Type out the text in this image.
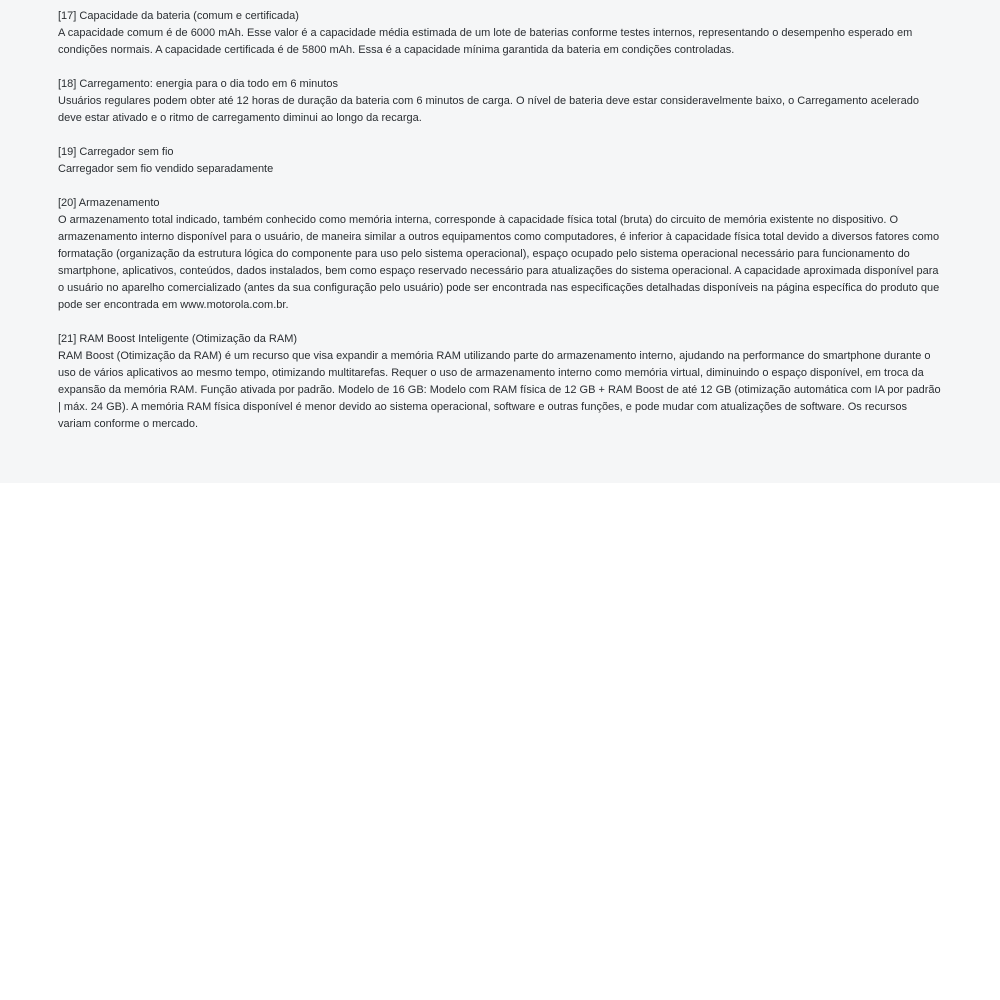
[17] Capacidade da bateria (comum e certificada)

A capacidade comum é de 6000 mAh. Esse valor é a capacidade média estimada de um lote de baterias conforme testes internos, representando o desempenho esperado em condições normais. A capacidade certificada é de 5800 mAh. Essa é a capacidade mínima garantida da bateria em condições controladas.

[18] Carregamento: energia para o dia todo em 6 minutos

Usuários regulares podem obter até 12 horas de duração da bateria com 6 minutos de carga. O nível de bateria deve estar consideravelmente baixo, o Carregamento acelerado deve estar ativado e o ritmo de carregamento diminui ao longo da recarga.

[19] Carregador sem fio

Carregador sem fio vendido separadamente

[20] Armazenamento

O armazenamento total indicado, também conhecido como memória interna, corresponde à capacidade física total (bruta) do circuito de memória existente no dispositivo. O armazenamento interno disponível para o usuário, de maneira similar a outros equipamentos como computadores, é inferior à capacidade física total devido a diversos fatores como formatação (organização da estrutura lógica do componente para uso pelo sistema operacional), espaço ocupado pelo sistema operacional necessário para funcionamento do smartphone, aplicativos, conteúdos, dados instalados, bem como espaço reservado necessário para atualizações do sistema operacional. A capacidade aproximada disponível para o usuário no aparelho comercializado (antes da sua configuração pelo usuário) pode ser encontrada nas especificações detalhadas disponíveis na página específica do produto que pode ser encontrada em www.motorola.com.br.

[21] RAM Boost Inteligente (Otimização da RAM)

RAM Boost (Otimização da RAM) é um recurso que visa expandir a memória RAM utilizando parte do armazenamento interno, ajudando na performance do smartphone durante o uso de vários aplicativos ao mesmo tempo, otimizando multitarefas. Requer o uso de armazenamento interno como memória virtual, diminuindo o espaço disponível, em troca da expansão da memória RAM. Função ativada por padrão. Modelo de 16 GB: Modelo com RAM física de 12 GB + RAM Boost de até 12 GB (otimização automática com IA por padrão | máx. 24 GB). A memória RAM física disponível é menor devido ao sistema operacional, software e outras funções, e pode mudar com atualizações de software. Os recursos variam conforme o mercado.
